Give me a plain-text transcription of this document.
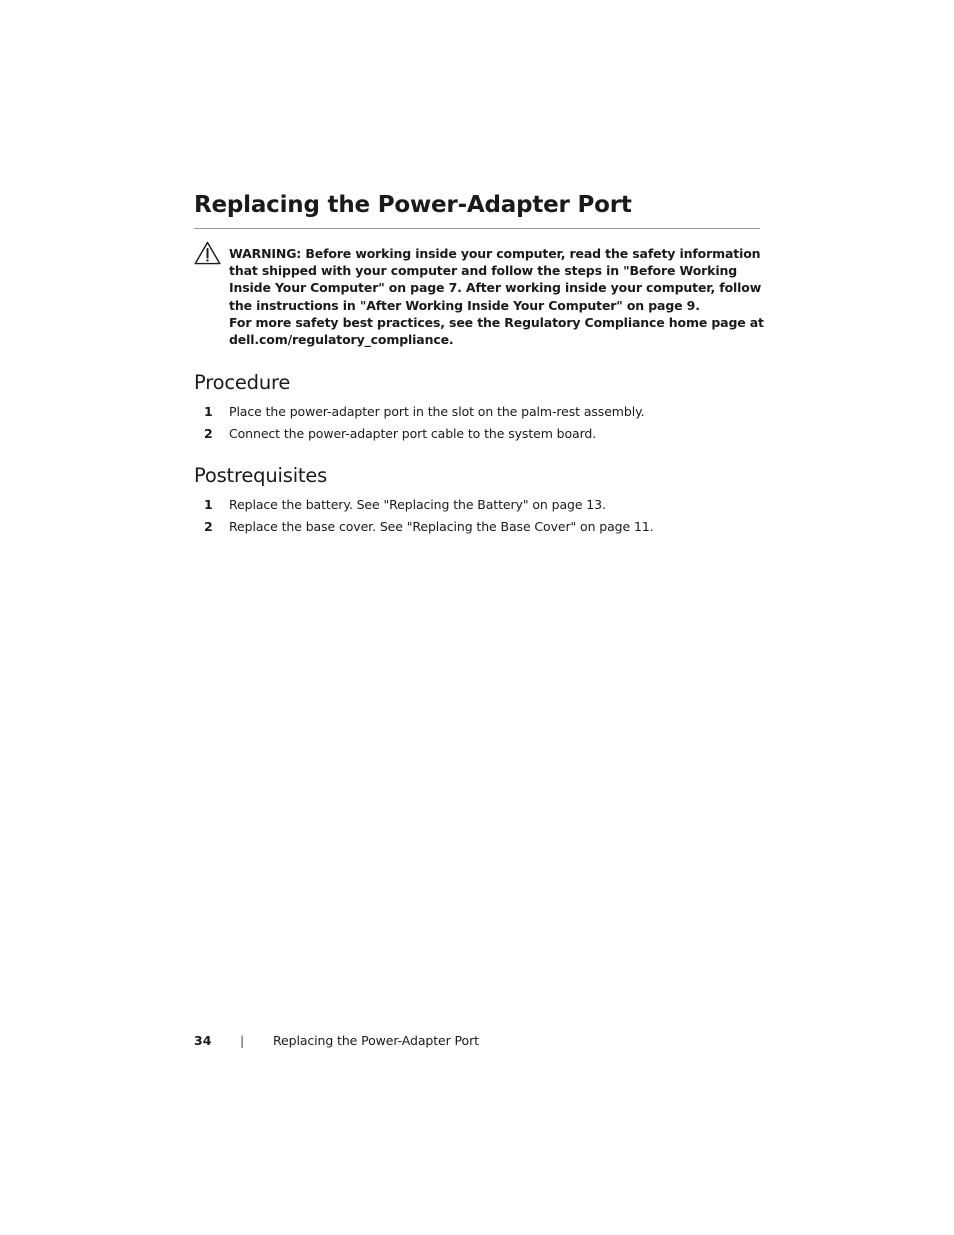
Replacing the Power-Adapter Port

WARNING: Before working inside your computer, read the safety information that shipped with your computer and follow the steps in "Before Working Inside Your Computer" on page 7. After working inside your computer, follow the instructions in "After Working Inside Your Computer" on page 9.

For more safety best practices, see the Regulatory Compliance home page at dell.com/regulatory_compliance.

Procedure
1 Place the power-adapter port in the slot on the palm-rest assembly.
2 Connect the power-adapter port cable to the system board.
Postrequisites
1 Replace the battery. See "Replacing the Battery" on page 13.
2 Replace the base cover. See "Replacing the Base Cover" on page 11.
34 | Replacing the Power-Adapter Port
